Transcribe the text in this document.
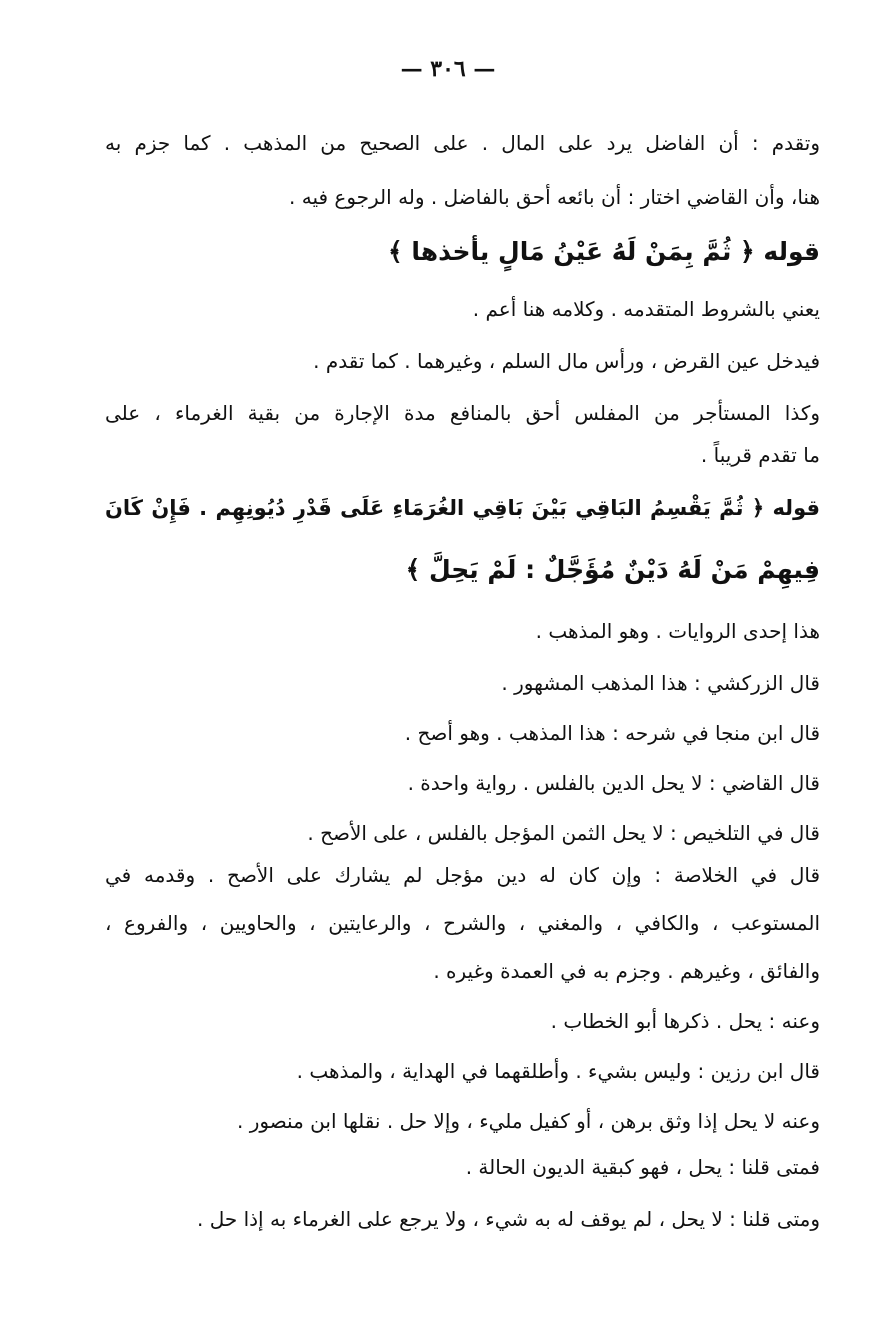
— ٣٠٦ —
وتقدم : أن الفاضل يرد على المال . على الصحيح من المذهب . كما جزم به
هنا، وأن القاضي اختار : أن بائعه أحق بالفاضل . وله الرجوع فيه .
قوله ﴿ ثُمَّ بِمَنْ لَهُ عَيْنُ مَالٍ يأخذها ﴾
يعني بالشروط المتقدمه . وكلامه هنا أعم .
فيدخل عين القرض ، ورأس مال السلم ، وغيرهما . كما تقدم .
وكذا المستأجر من المفلس أحق بالمنافع مدة الإجارة من بقية الغرماء ، على
ما تقدم قريباً .
قوله ﴿ ثُمَّ يَقْسِمُ البَاقِي بَيْنَ بَاقِي الغُرَمَاءِ عَلَى قَدْرِ دُيُونِهِم . فَإِنْ كَانَ
فِيهِمْ مَنْ لَهُ دَيْنٌ مُؤَجَّلٌ : لَمْ يَحِلَّ ﴾
هذا إحدى الروايات . وهو المذهب .
قال الزركشي : هذا المذهب المشهور .
قال ابن منجا في شرحه : هذا المذهب . وهو أصح .
قال القاضي : لا يحل الدين بالفلس . رواية واحدة .
قال في التلخيص : لا يحل الثمن المؤجل بالفلس ، على الأصح .
قال في الخلاصة : وإن كان له دين مؤجل لم يشارك على الأصح . وقدمه في
المستوعب ، والكافي ، والمغني ، والشرح ، والرعايتين ، والحاويين ، والفروع ،
والفائق ، وغيرهم . وجزم به في العمدة وغيره .
وعنه : يحل . ذكرها أبو الخطاب .
قال ابن رزين : وليس بشيء . وأطلقهما في الهداية ، والمذهب .
وعنه لا يحل إذا وثق برهن ، أو كفيل مليء ، وإلا حل . نقلها ابن منصور .
فمتى قلنا : يحل ، فهو كبقية الديون الحالة .
ومتى قلنا : لا يحل ، لم يوقف له به شيء ، ولا يرجع على الغرماء به إذا حل .
